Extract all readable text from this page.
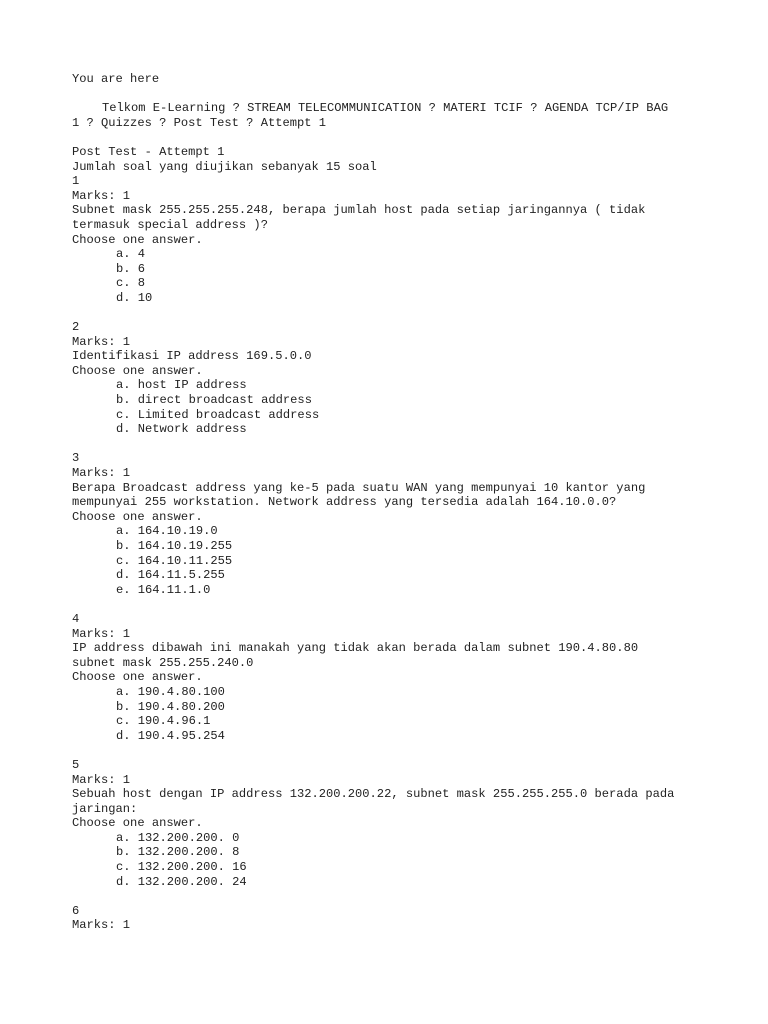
You are here
Telkom E-Learning ? STREAM TELECOMMUNICATION ? MATERI TCIF ? AGENDA TCP/IP BAG
1 ? Quizzes ? Post Test ? Attempt 1
Post Test - Attempt 1
Jumlah soal yang diujikan sebanyak 15 soal
1
Marks: 1
Subnet mask 255.255.255.248, berapa jumlah host pada setiap jaringannya ( tidak
termasuk special address )?
Choose one answer.
a. 4
b. 6
c. 8
d. 10
2
Marks: 1
Identifikasi IP address 169.5.0.0
Choose one answer.
a. host IP address
b. direct broadcast address
c. Limited broadcast address
d. Network address
3
Marks: 1
Berapa Broadcast address yang ke-5 pada suatu WAN yang mempunyai 10 kantor yang
mempunyai 255 workstation. Network address yang tersedia adalah 164.10.0.0?
Choose one answer.
a. 164.10.19.0
b. 164.10.19.255
c. 164.10.11.255
d. 164.11.5.255
e. 164.11.1.0
4
Marks: 1
IP address dibawah ini manakah yang tidak akan berada dalam subnet 190.4.80.80
subnet mask 255.255.240.0
Choose one answer.
a. 190.4.80.100
b. 190.4.80.200
c. 190.4.96.1
d. 190.4.95.254
5
Marks: 1
Sebuah host dengan IP address 132.200.200.22, subnet mask 255.255.255.0 berada pada
jaringan:
Choose one answer.
a. 132.200.200. 0
b. 132.200.200. 8
c. 132.200.200. 16
d. 132.200.200. 24
6
Marks: 1
